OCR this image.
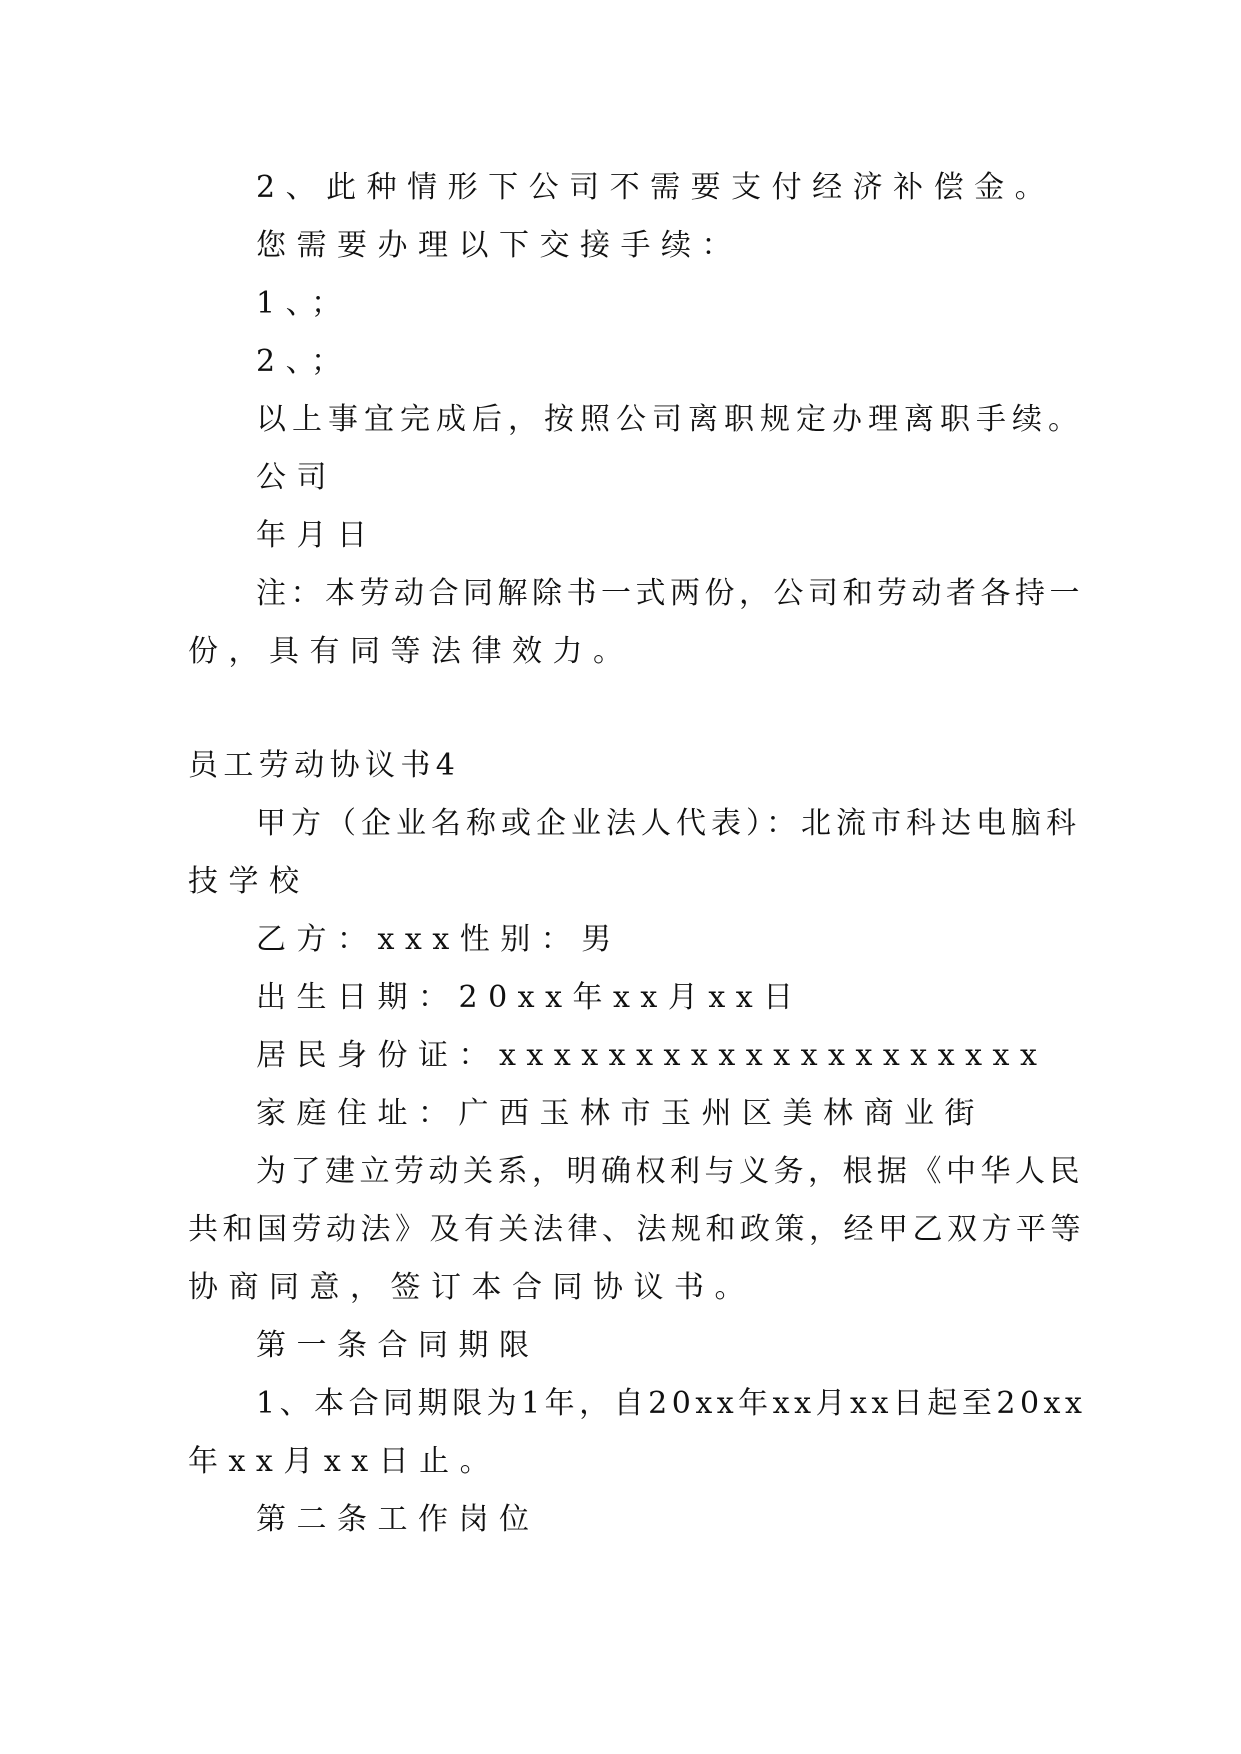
2、此种情形下公司不需要支付经济补偿金。
您需要办理以下交接手续：
1、；
2、；
以上事宜完成后，按照公司离职规定办理离职手续。
公司
年月日
注：本劳动合同解除书一式两份，公司和劳动者各持一
份，具有同等法律效力。
员工劳动协议书4
甲方（企业名称或企业法人代表）：北流市科达电脑科
技学校
乙方：xxx性别：男
出生日期：20xx年xx月xx日
居民身份证：xxxxxxxxxxxxxxxxxxxx
家庭住址：广西玉林市玉州区美林商业街
为了建立劳动关系，明确权利与义务，根据《中华人民
共和国劳动法》及有关法律、法规和政策，经甲乙双方平等
协商同意，签订本合同协议书。
第一条合同期限
1、本合同期限为1年，自20xx年xx月xx日起至20xx
年xx月xx日止。
第二条工作岗位
